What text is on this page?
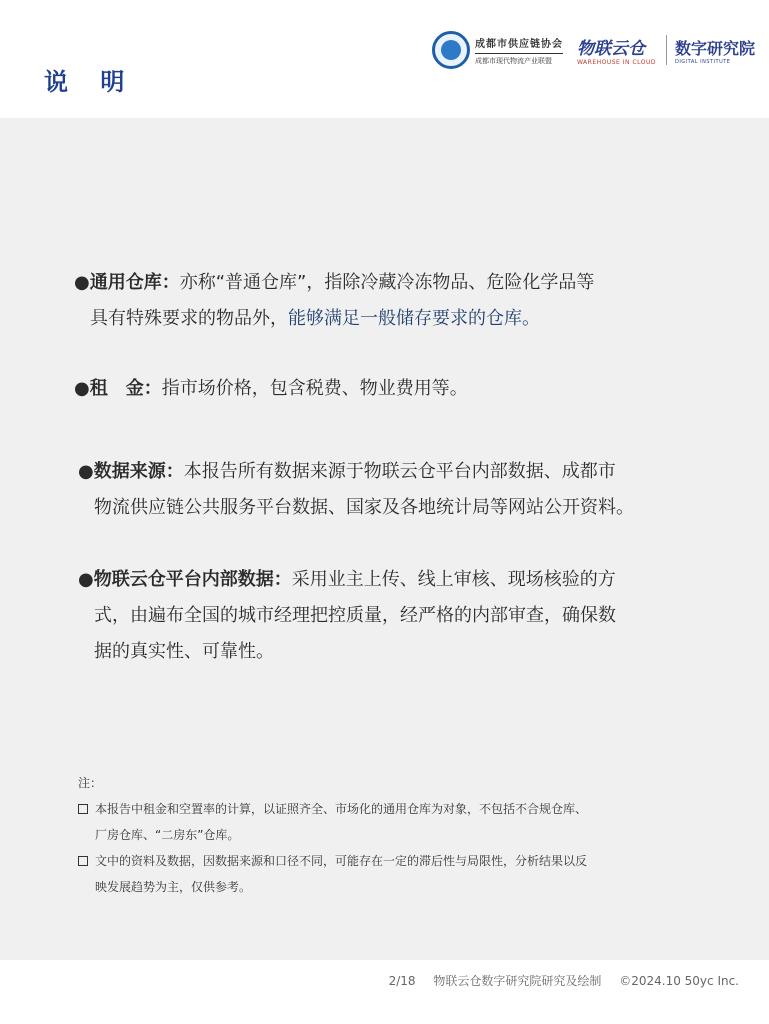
说 明
成都市供应链协会
成都市现代物流产业联盟
物联云仓
WAREHOUSE IN CLOUD
数字研究院
DIGITAL INSTITUTE

●通用仓库：亦称“普通仓库”，指除冷藏冷冻物品、危险化学品等

具有特殊要求的物品外，能够满足一般储存要求的仓库。

●租　金：指市场价格，包含税费、物业费用等。

●数据来源：本报告所有数据来源于物联云仓平台内部数据、成都市

物流供应链公共服务平台数据、国家及各地统计局等网站公开资料。

●物联云仓平台内部数据：采用业主上传、线上审核、现场核验的方

式，由遍布全国的城市经理把控质量，经严格的内部审查，确保数

据的真实性、可靠性。

注：

本报告中租金和空置率的计算，以证照齐全、市场化的通用仓库为对象，不包括不合规仓库、

厂房仓库、“二房东”仓库。

文中的资料及数据，因数据来源和口径不同，可能存在一定的滞后性与局限性，分析结果以反

映发展趋势为主，仅供参考。

2/18 物联云仓数字研究院研究及绘制 ©2024.10 50yc Inc.
